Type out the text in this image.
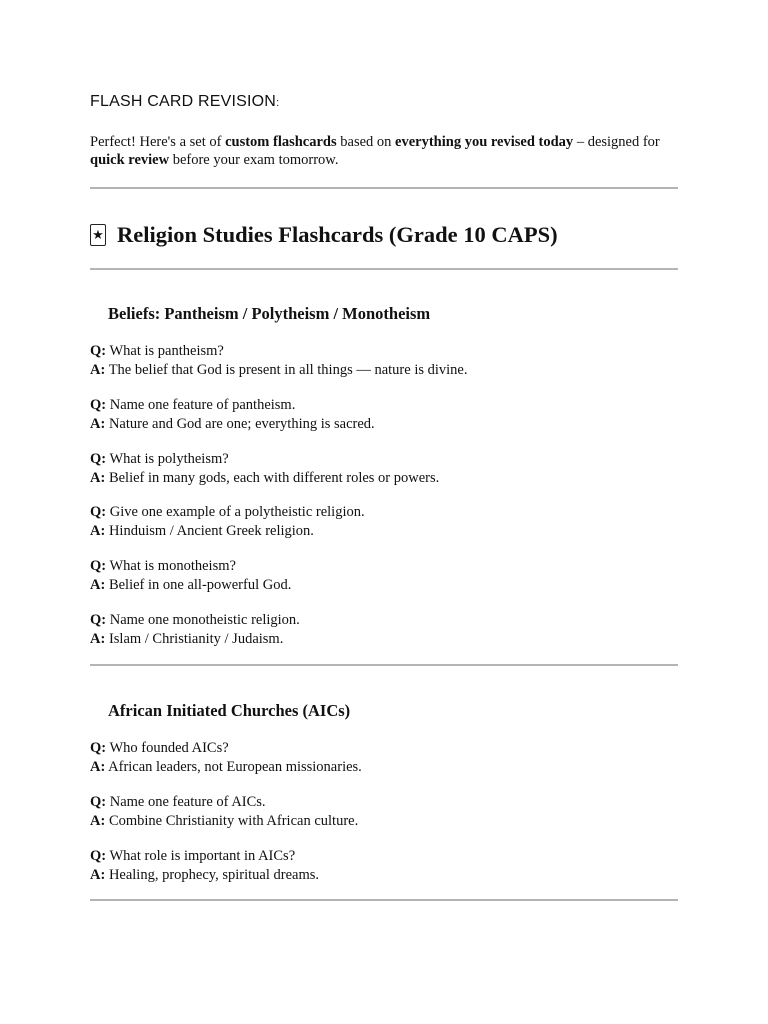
FLASH CARD REVISION:
Perfect! Here's a set of custom flashcards based on everything you revised today – designed for quick review before your exam tomorrow.
★ Religion Studies Flashcards (Grade 10 CAPS)
Beliefs: Pantheism / Polytheism / Monotheism
Q: What is pantheism?
A: The belief that God is present in all things — nature is divine.
Q: Name one feature of pantheism.
A: Nature and God are one; everything is sacred.
Q: What is polytheism?
A: Belief in many gods, each with different roles or powers.
Q: Give one example of a polytheistic religion.
A: Hinduism / Ancient Greek religion.
Q: What is monotheism?
A: Belief in one all-powerful God.
Q: Name one monotheistic religion.
A: Islam / Christianity / Judaism.
African Initiated Churches (AICs)
Q: Who founded AICs?
A: African leaders, not European missionaries.
Q: Name one feature of AICs.
A: Combine Christianity with African culture.
Q: What role is important in AICs?
A: Healing, prophecy, spiritual dreams.
